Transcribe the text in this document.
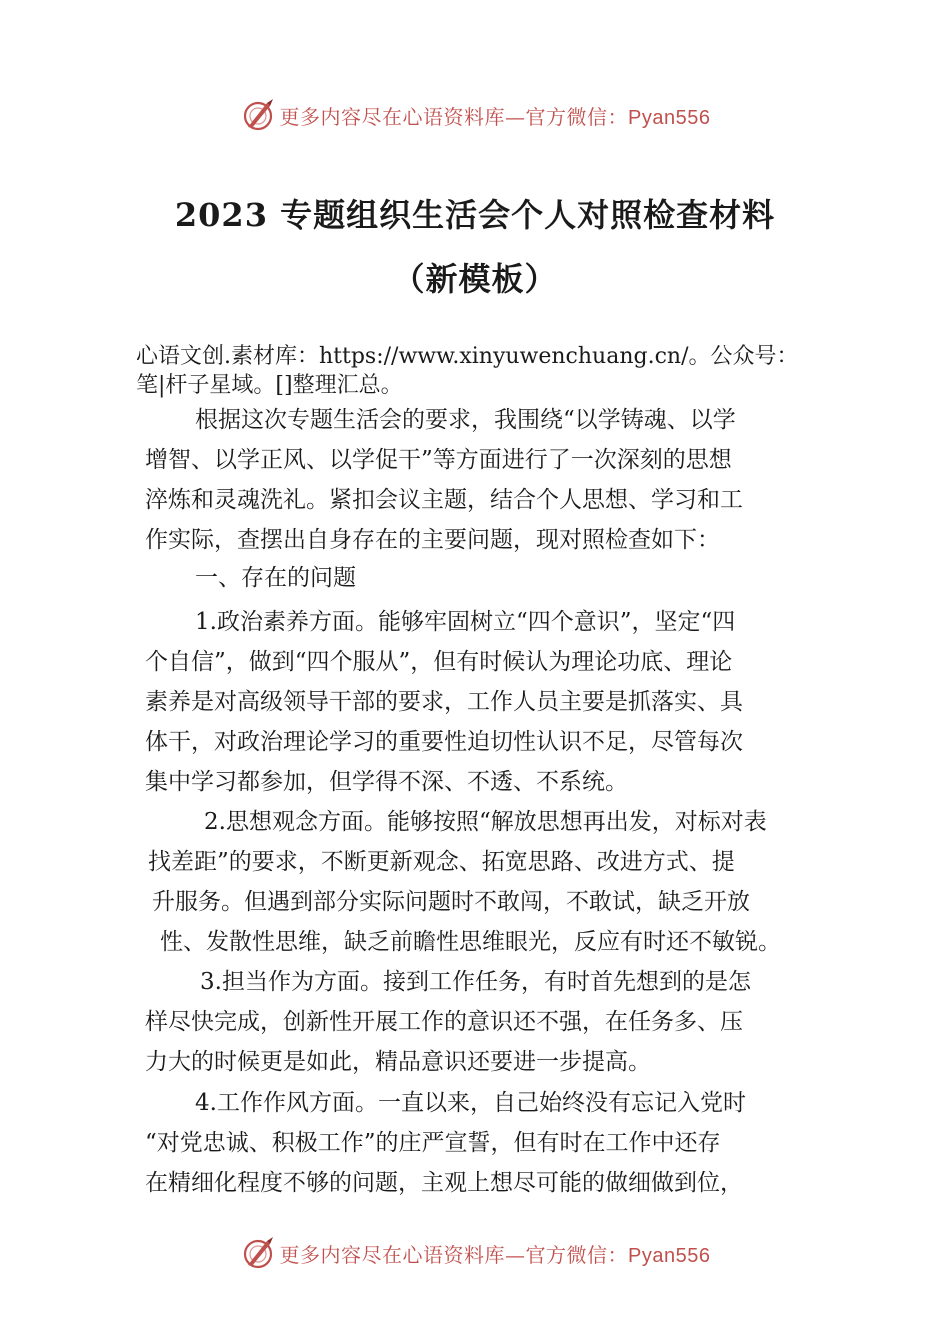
更多内容尽在心语资料库—官方微信：Pyan556
2023 专题组织生活会个人对照检查材料
（新模板）
心语文创.素材库：https://www.xinyuwenchuang.cn/。公众号：
笔|杆子星域。[]整理汇总。
根据这次专题生活会的要求，我围绕“以学铸魂、以学
增智、以学正风、以学促干”等方面进行了一次深刻的思想
淬炼和灵魂洗礼。紧扣会议主题，结合个人思想、学习和工
作实际，查摆出自身存在的主要问题，现对照检查如下：
一、存在的问题
1.政治素养方面。能够牢固树立“四个意识”，坚定“四
个自信”，做到“四个服从”，但有时候认为理论功底、理论
素养是对高级领导干部的要求，工作人员主要是抓落实、具
体干，对政治理论学习的重要性迫切性认识不足，尽管每次
集中学习都参加，但学得不深、不透、不系统。
2.思想观念方面。能够按照“解放思想再出发，对标对表
找差距”的要求，不断更新观念、拓宽思路、改进方式、提
升服务。但遇到部分实际问题时不敢闯，不敢试，缺乏开放
性、发散性思维，缺乏前瞻性思维眼光，反应有时还不敏锐。
3.担当作为方面。接到工作任务，有时首先想到的是怎
样尽快完成，创新性开展工作的意识还不强，在任务多、压
力大的时候更是如此，精品意识还要进一步提高。
4.工作作风方面。一直以来，自己始终没有忘记入党时
“对党忠诚、积极工作”的庄严宣誓，但有时在工作中还存
在精细化程度不够的问题，主观上想尽可能的做细做到位，
更多内容尽在心语资料库—官方微信：Pyan556
